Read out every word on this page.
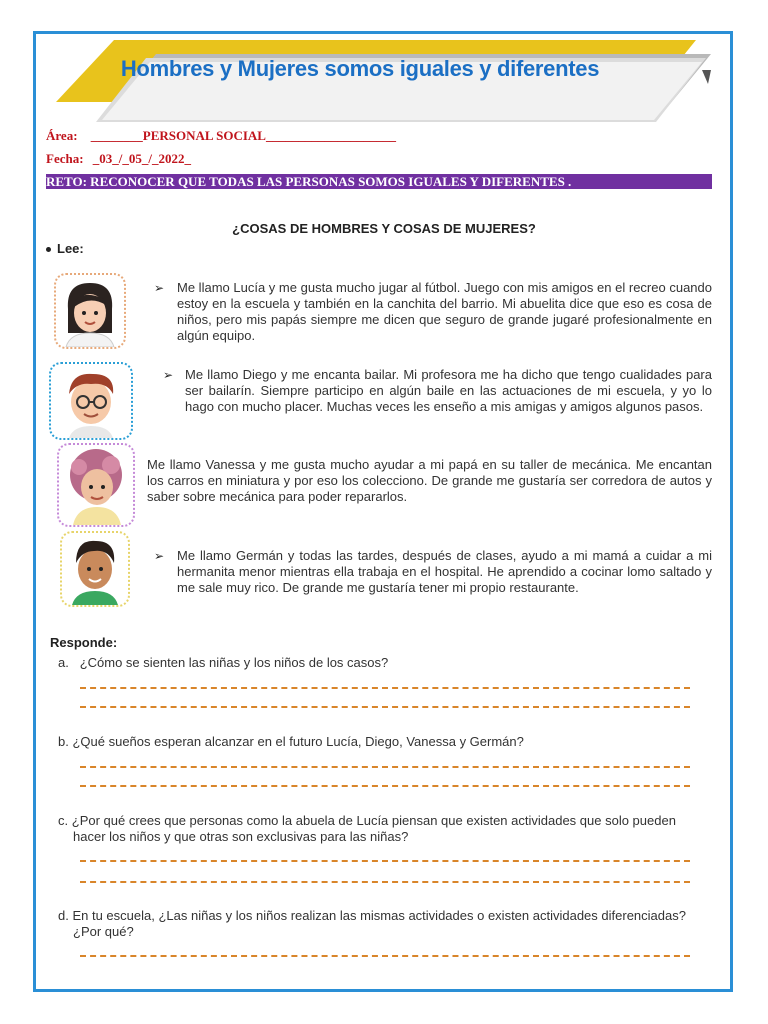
Hombres y Mujeres somos iguales y diferentes
Área: ________PERSONAL SOCIAL____________________
Fecha: _03_/_05_/_2022_
RETO: RECONOCER QUE TODAS LAS PERSONAS SOMOS IGUALES Y DIFERENTES .
¿COSAS DE HOMBRES Y COSAS DE MUJERES?
Lee:
➢ Me llamo Lucía y me gusta mucho jugar al fútbol. Juego con mis amigos en el recreo cuando estoy en la escuela y también en la canchita del barrio. Mi abuelita dice que eso es cosa de niños, pero mis papás siempre me dicen que seguro de grande jugaré profesionalmente en algún equipo.
➢ Me llamo Diego y me encanta bailar. Mi profesora me ha dicho que tengo cualidades para ser bailarín. Siempre participo en algún baile en las actuaciones de mi escuela, y yo lo hago con mucho placer. Muchas veces les enseño a mis amigas y amigos algunos pasos.
Me llamo Vanessa y me gusta mucho ayudar a mi papá en su taller de mecánica. Me encantan los carros en miniatura y por eso los colecciono. De grande me gustaría ser corredora de autos y saber sobre mecánica para poder repararlos.
➢ Me llamo Germán y todas las tardes, después de clases, ayudo a mi mamá a cuidar a mi hermanita menor mientras ella trabaja en el hospital. He aprendido a cocinar lomo saltado y me sale muy rico. De grande me gustaría tener mi propio restaurante.
Responde:
a. ¿Cómo se sienten las niñas y los niños de los casos?
b. ¿Qué sueños esperan alcanzar en el futuro Lucía, Diego, Vanessa y Germán?
c. ¿Por qué crees que personas como la abuela de Lucía piensan que existen actividades que solo pueden hacer los niños y que otras son exclusivas para las niñas?
d. En tu escuela, ¿Las niñas y los niños realizan las mismas actividades o existen actividades diferenciadas? ¿Por qué?
